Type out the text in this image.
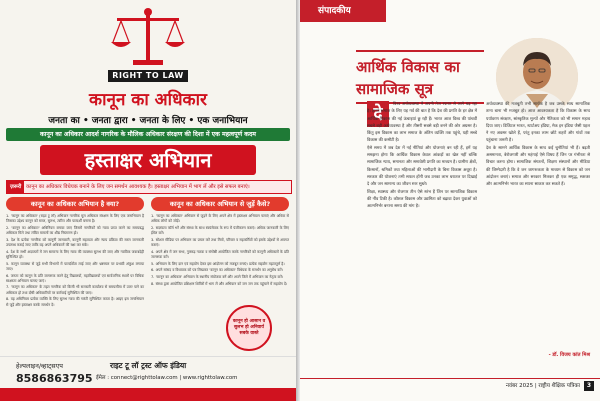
RIGHT TO LAW
कानून का अधिकार
जनता का • जनता द्वारा • जनता के लिए • एक जनाभियान
कानून का अधिकार आदर्श नागरिक के मौलिक अधिकार संरक्षण की दिशा में एक महत्वपूर्ण कदम
हस्ताक्षर अभियान
ज़रूरी कानून का अधिकार विधेयक बनाने के लिए जन समर्थन आवश्यक है। हस्ताक्षर अभियान में भाग लें और इसे सफल बनाएं।
कानून का अधिकार अभियान है क्या?

1. 'कानून का अधिकार' (राइट टू लॉ) अभियान नागरिक मूल अधिकार संरक्षण के लिए एक जनाभियान है जिसका उद्देश्य कानून को सरल, सुलभ, त्वरित और पारदर्शी बनाना है।

2. 'कानून का अधिकार' अधिनियम बनाया जाए जिसमें नागरिकों को न्याय प्राप्त करने का समयबद्ध अधिकार मिले तथा लंबित मामलों का शीघ्र निस्तारण हो।

3. देश के प्रत्येक नागरिक को कानूनी जानकारी, कानूनी सहायता और न्याय प्रक्रिया की सरल जानकारी उपलब्ध कराई जाए ताकि वह अपने अधिकारों की रक्षा कर सके।

4. देश के सभी अदालतों में जन सामान्य के लिए न्याय की व्यवस्था सुलभ की जाए और न्यायिक जवाबदेही सुनिश्चित हो।

5. कानून व्यवस्था से जुड़े सभी विभागों में पारदर्शिता लाई जाए और भ्रष्टाचार पर प्रभावी अंकुश लगाया जाए।

6. जनता को कानून के प्रति जागरूक करने हेतु विद्यालयों, महाविद्यालयों एवं सार्वजनिक स्थलों पर विधिक साक्षरता अभियान चलाए जाएं।

7. 'कानून का अधिकार' के तहत नागरिक को किसी भी सरकारी कार्यालय से समयसीमा में उत्तर पाने का अधिकार हो तथा दोषी अधिकारियों पर कार्रवाई सुनिश्चित की जाए।

8. यह अधिनियम प्रत्येक व्यक्ति के लिए सुलभ न्याय की गारंटी सुनिश्चित करता है। आइए इस जनाभियान से जुड़ें और हस्ताक्षर करके समर्थन दें।

कानून का अधिकार अभियान से जुड़ें कैसे?

1. 'कानून का अधिकार' अभियान से जुड़ने के लिए अपने क्षेत्र में हस्ताक्षर अभियान चलाएं और अधिक से अधिक लोगों को जोड़ें।

2. सदस्यता फॉर्म भरें और संस्था के साथ स्वयंसेवक के रूप में पंजीकरण कराएं। अधिक जानकारी के लिए ईमेल करें।

3. सोशल मीडिया पर अभियान का प्रचार करें तथा मित्रों, परिवार व सहकर्मियों को इसके उद्देश्यों से अवगत कराएं।

4. अपने क्षेत्र में जन सभा, नुक्कड़ नाटक व संगोष्ठी आयोजित करके नागरिकों को कानूनी अधिकारों के प्रति जागरूक करें।

5. अभियान के लिए दान एवं सहयोग देकर इस आंदोलन को मजबूत बनाएं। प्रत्येक सहयोग महत्वपूर्ण है।

6. अपने सांसद व विधायक को पत्र लिखकर 'कानून का अधिकार' विधेयक के समर्थन का अनुरोध करें।

7. 'कानून का अधिकार' अभियान के स्थानीय संयोजक बनें और अपने जिले में अभियान का नेतृत्व करें।

8. संस्था द्वारा आयोजित प्रशिक्षण शिविरों में भाग लें और अभियान को जन जन तक पहुंचाने में सहयोग दें।

कानून हो आसान व सुलभ हो अनिवार्य सबके वास्ते
हेल्पलाइन/व्हाट्सएप
8586863795
राइट टू लॉ ट्रस्ट ऑफ इंडिया
ईमेल : connect@righttolaw.com | www.righttolaw.com
संपादकीय
आर्थिक विकास का
सामाजिक सूत्र
दे

विश्व अर्थव्यवस्था में अपनी तेज रफ्तार से आगे बढ़ रहा है। हमारे समाज के लिए यह गर्व की बात है कि देश की प्रगति के हर क्षेत्र में आर्थिक विकास की नई ऊंचाइयां छू रही हैं। भारत आज विश्व की पांचवीं सबसे बड़ी अर्थव्यवस्था है और तीसरी सबसे बड़ी बनने की ओर अग्रसर है। किंतु इस विकास का लाभ समाज के अंतिम व्यक्ति तक पहुंचे, यही सच्चे विकास की कसौटी है।

ऐसे समय में जब देश में नई नीतियां और योजनाएं बन रही हैं, हमें यह समझना होगा कि आर्थिक विकास केवल आंकड़ों का खेल नहीं बल्कि सामाजिक न्याय, समानता और समावेशी प्रगति का माध्यम है। ग्रामीण क्षेत्रों, किसानों, श्रमिकों तथा महिलाओं की भागीदारी के बिना विकास अधूरा है। सरकार की योजनाएं तभी सफल होंगी जब उनका लाभ धरातल पर दिखाई दे और जन सामान्य का जीवन स्तर सुधरे।

शिक्षा, स्वास्थ्य और रोजगार तीन ऐसे स्तंभ हैं जिन पर सामाजिक विकास की नींव टिकी है। कौशल विकास और उद्यमिता को बढ़ावा देकर युवाओं को आत्मनिर्भर बनाना समय की मांग है।

अर्थव्यवस्था की मजबूती तभी सार्थक है जब उसके साथ सामाजिक ताना बाना भी मजबूत हो। आज आवश्यकता है कि विकास के साथ पर्यावरण संरक्षण, सांस्कृतिक मूल्यों और नैतिकता को भी समान महत्व दिया जाए। डिजिटल भारत, स्टार्टअप इंडिया, मेक इन इंडिया जैसी पहल ने नए अवसर खोले हैं, परंतु इनका लाभ छोटे शहरों और गांवों तक पहुंचाना जरूरी है।

देश के सामने आर्थिक विकास के साथ कई चुनौतियां भी हैं। बढ़ती असमानता, बेरोजगारी और महंगाई ऐसे विषय हैं जिन पर गंभीरता से विचार करना होगा। सामाजिक संगठनों, शिक्षण संस्थानों और मीडिया की जिम्मेदारी है कि वे जन जागरूकता के माध्यम से विकास को जन आंदोलन बनाएं। समाज और सरकार मिलकर ही एक समृद्ध, सशक्त और आत्मनिर्भर भारत का सपना साकार कर सकते हैं।

- डॉ. विजय कांत मिश्र
नवंबर 2025 | राष्ट्रीय शैक्षिक पत्रिका	3
